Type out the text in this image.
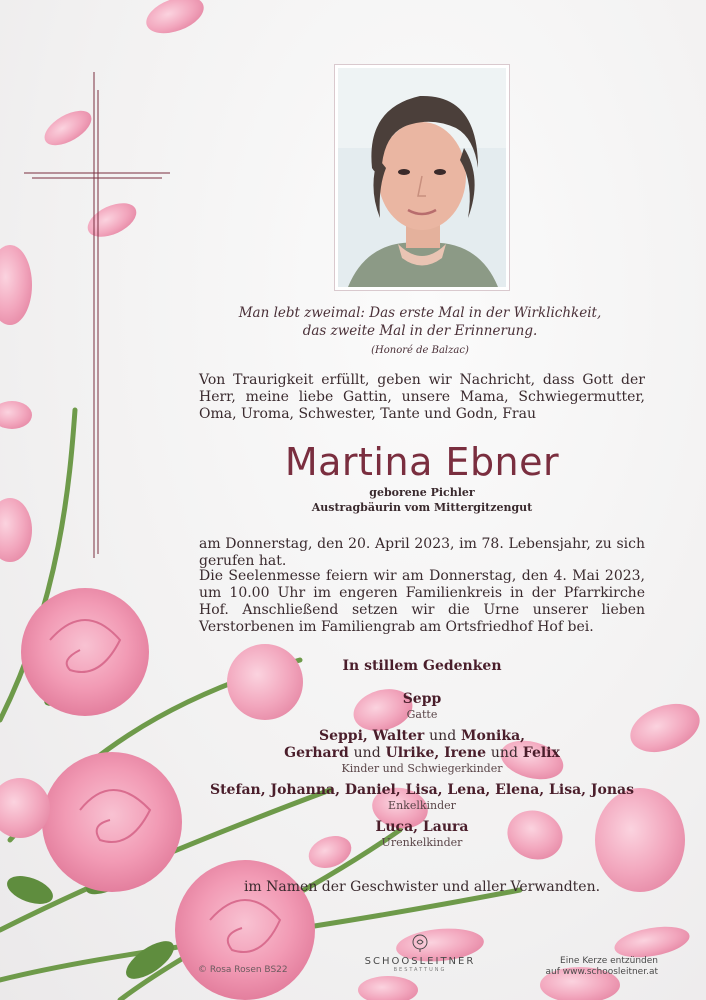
Man lebt zweimal: Das erste Mal in der Wirklichkeit,
das zweite Mal in der Erinnerung.
(Honoré de Balzac)
Von Traurigkeit erfüllt, geben wir Nachricht, dass Gott der Herr, meine liebe Gattin, unsere Mama, Schwiegermutter, Oma, Uroma, Schwester, Tante und Godn, Frau
Martina Ebner
geborene Pichler
Austragbäurin vom Mittergitzengut
am Donnerstag, den 20. April 2023, im 78. Lebensjahr, zu sich gerufen hat.
Die Seelenmesse feiern wir am Donnerstag, den 4. Mai 2023, um 10.00 Uhr im engeren Familienkreis in der Pfarrkirche Hof. Anschließend setzen wir die Urne unserer lieben Verstorbenen im Familiengrab am Ortsfriedhof Hof bei.
In stillem Gedenken
Sepp
Gatte
Seppi, Walter und Monika,
Gerhard und Ulrike, Irene und Felix
Kinder und Schwiegerkinder
Stefan, Johanna, Daniel, Lisa, Lena, Elena, Lisa, Jonas
Enkelkinder
Luca, Laura
Urenkelkinder
im Namen der Geschwister und aller Verwandten.
© Rosa Rosen BS22
SCHOOSLEITNER
BESTATTUNG
Eine Kerze entzünden
auf www.schoosleitner.at
